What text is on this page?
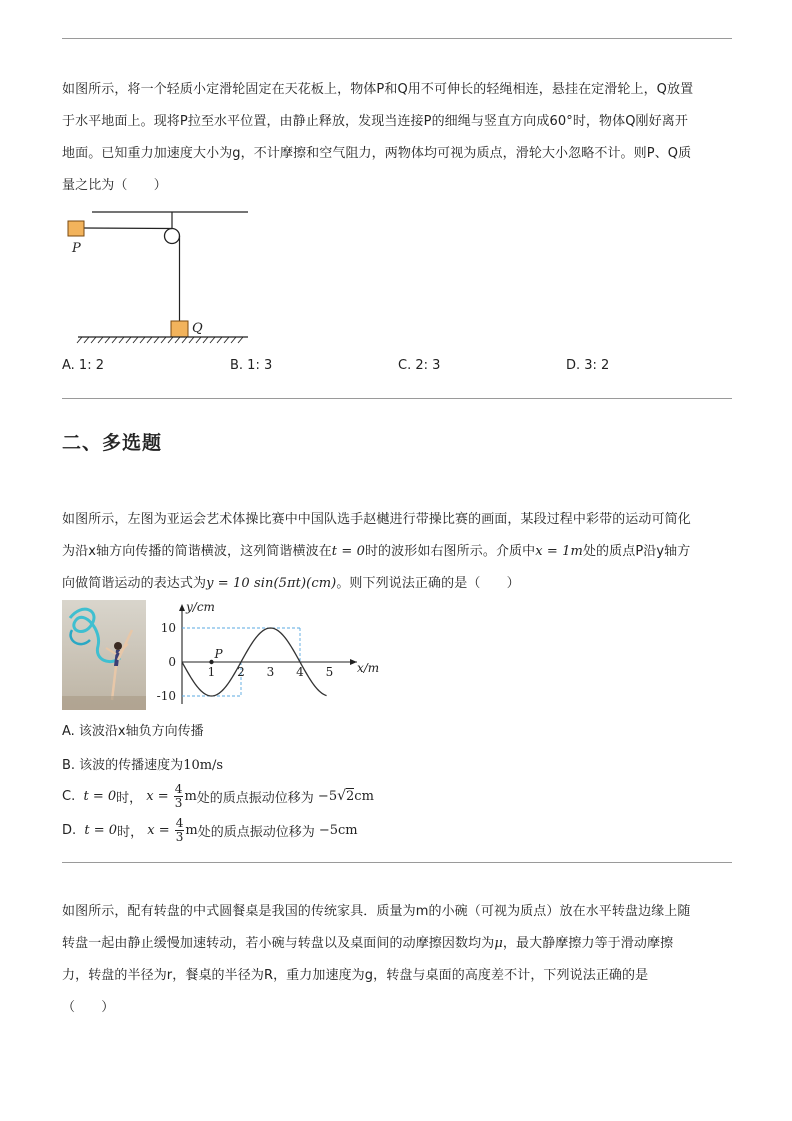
如图所示，将一个轻质小定滑轮固定在天花板上，物体P和Q用不可伸长的轻绳相连，悬挂在定滑轮上，Q放置
于水平地面上。现将P拉至水平位置，由静止释放，发现当连接P的细绳与竖直方向成60°时，物体Q刚好离开
地面。已知重力加速度大小为g，不计摩擦和空气阻力，两物体均可视为质点，滑轮大小忽略不计。则P、Q质
量之比为（　　）
P
Q
A. 1: 2	B. 1: 3	C. 2: 3	D. 3: 2
二、多选题
如图所示，左图为亚运会艺术体操比赛中中国队选手赵樾进行带操比赛的画面，某段过程中彩带的运动可简化
为沿x轴方向传播的简谐横波，这列简谐横波在t = 0时的波形如右图所示。介质中x = 1m处的质点P沿y轴方
向做简谐运动的表达式为y = 10 sin(5πt)(cm)。则下列说法正确的是（　　）
y/cm
x/m
10
0
-10
1 2 3 4 5
P
A. 该波沿x轴负方向传播
B. 该波的传播速度为10m/s
C.
t = 0 时，
x =
$\frac{4}{3}$ m 处的质点振动位移为
−5 √2 cm
D.
t = 0 时，
x =
$\frac{4}{3}$ m 处的质点振动位移为
−5cm
如图所示，配有转盘的中式圆餐桌是我国的传统家具．质量为m的小碗（可视为质点）放在水平转盘边缘上随
转盘一起由静止缓慢加速转动，若小碗与转盘以及桌面间的动摩擦因数均为μ，最大静摩擦力等于滑动摩擦
力，转盘的半径为r，餐桌的半径为R，重力加速度为g，转盘与桌面的高度差不计，下列说法正确的是
（　　）
